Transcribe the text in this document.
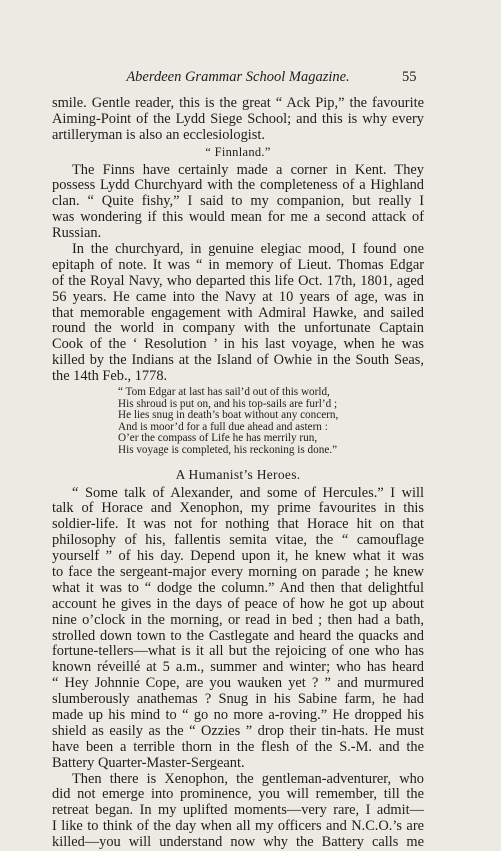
Aberdeen Grammar School Magazine.	55
smile. Gentle reader, this is the great “ Ack Pip,” the favourite
Aiming-Point of the Lydd Siege School; and this is why every
artilleryman is also an ecclesiologist.
“ Finnland.”
The Finns have certainly made a corner in Kent. They
possess Lydd Churchyard with the completeness of a Highland
clan. “ Quite fishy,” I said to my companion, but really I
was wondering if this would mean for me a second attack of
Russian.
In the churchyard, in genuine elegiac mood, I found one
epitaph of note. It was “ in memory of Lieut. Thomas Edgar
of the Royal Navy, who departed this life Oct. 17th, 1801, aged
56 years. He came into the Navy at 10 years of age, was in
that memorable engagement with Admiral Hawke, and sailed
round the world in company with the unfortunate Captain
Cook of the ‘ Resolution ’ in his last voyage, when he was
killed by the Indians at the Island of Owhie in the South Seas,
the 14th Feb., 1778.
“ Tom Edgar at last has sail’d out of this world,
His shroud is put on, and his top-sails are furl’d ;
He lies snug in death’s boat without any concern,
And is moor’d for a full due ahead and astern :
O’er the compass of Life he has merrily run,
His voyage is completed, his reckoning is done.”
A Humanist’s Heroes.
“ Some talk of Alexander, and some of Hercules.” I will
talk of Horace and Xenophon, my prime favourites in this
soldier-life. It was not for nothing that Horace hit on that
philosophy of his, fallentis semita vitae, the “ camouflage
yourself ” of his day. Depend upon it, he knew what it was
to face the sergeant-major every morning on parade ; he knew
what it was to “ dodge the column.” And then that delightful
account he gives in the days of peace of how he got up about
nine o’clock in the morning, or read in bed ; then had a bath,
strolled down town to the Castlegate and heard the quacks and
fortune-tellers—what is it all but the rejoicing of one who has
known réveillé at 5 a.m., summer and winter; who has heard
“ Hey Johnnie Cope, are you wauken yet ? ” and murmured
slumberously anathemas ? Snug in his Sabine farm, he had
made up his mind to “ go no more a-roving.” He dropped his
shield as easily as the “ Ozzies ” drop their tin-hats. He must
have been a terrible thorn in the flesh of the S.-M. and the
Battery Quarter-Master-Sergeant.
Then there is Xenophon, the gentleman-adventurer, who
did not emerge into prominence, you will remember, till the
retreat began. In my uplifted moments—very rare, I admit—
I like to think of the day when all my officers and N.C.O.’s are
killed—you will understand now why the Battery calls me
